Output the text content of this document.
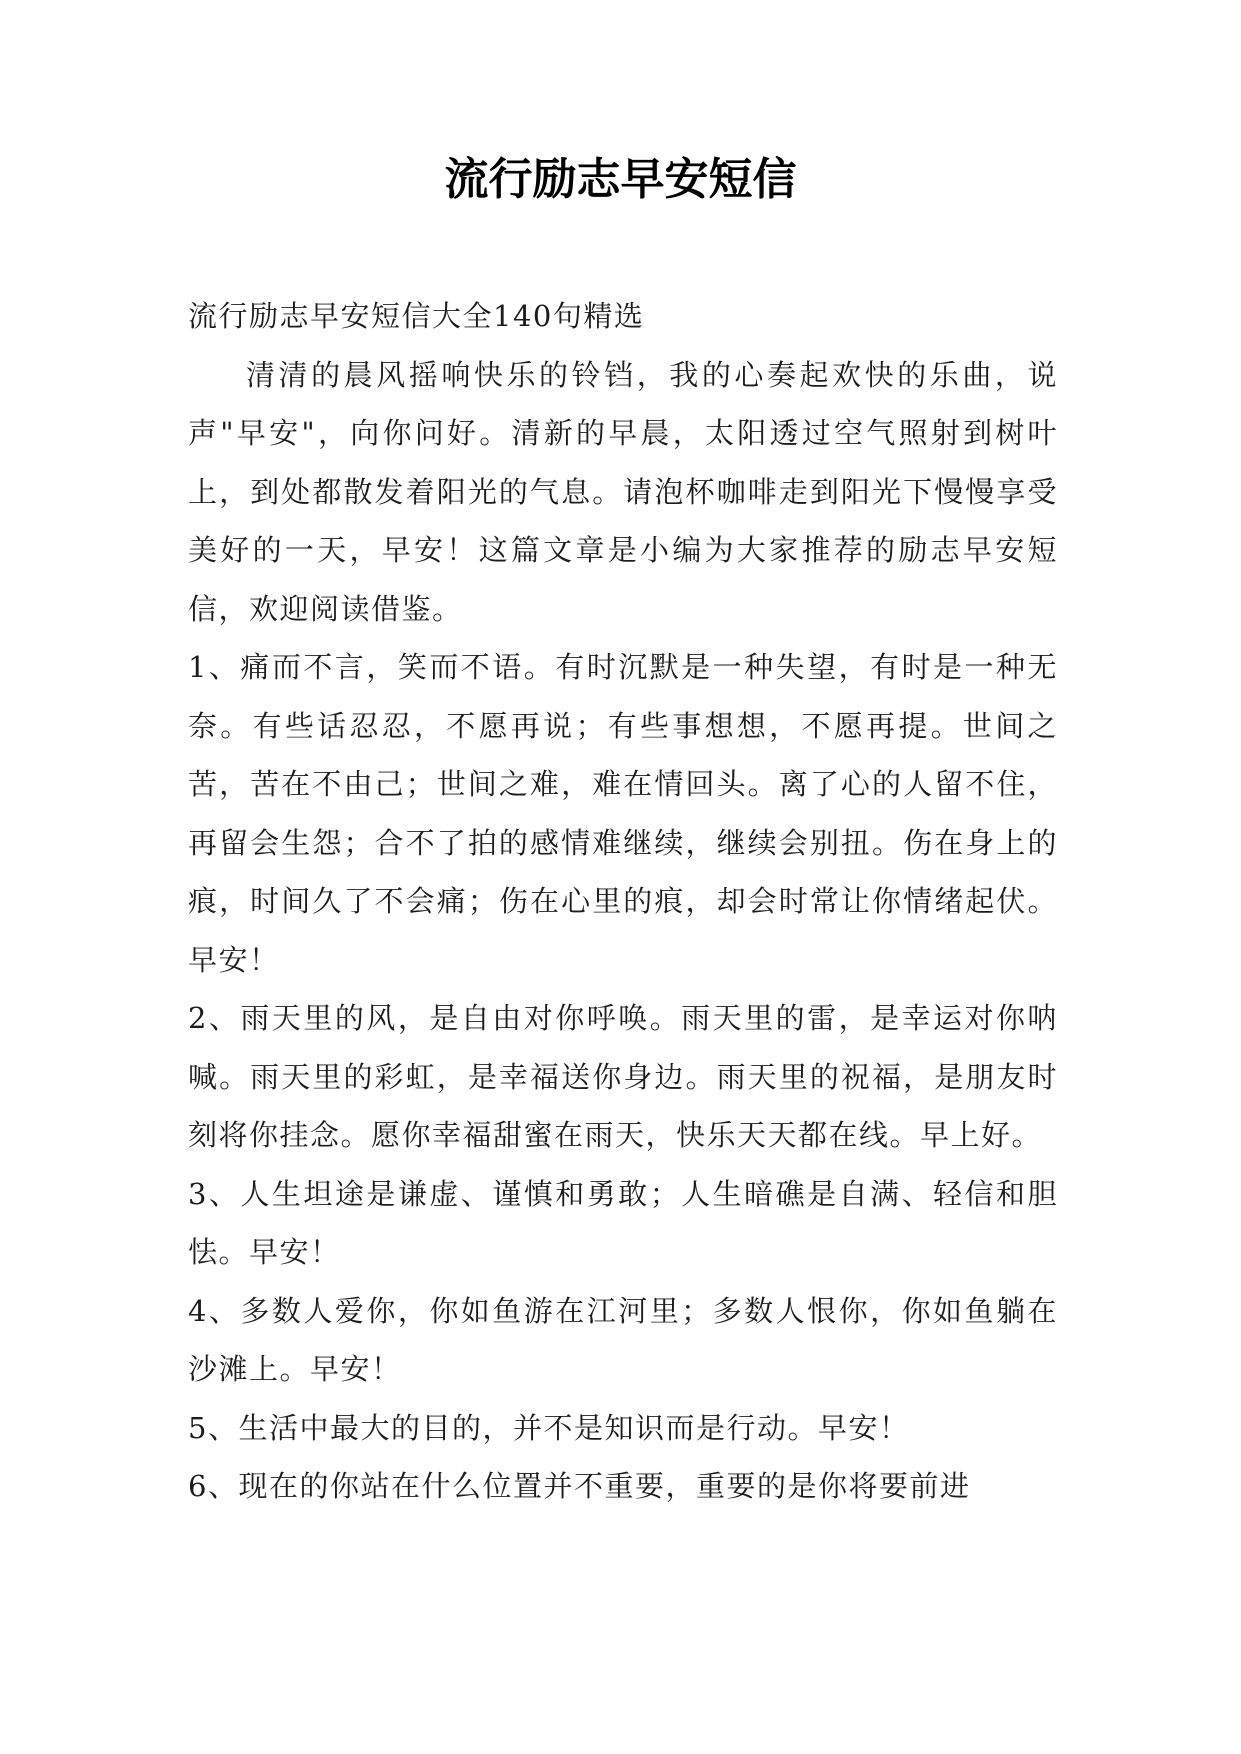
流行励志早安短信

流行励志早安短信大全140句精选

清清的晨风摇响快乐的铃铛，我的心奏起欢快的乐曲，说声"早安"，向你问好。清新的早晨，太阳透过空气照射到树叶上，到处都散发着阳光的气息。请泡杯咖啡走到阳光下慢慢享受美好的一天，早安！这篇文章是小编为大家推荐的励志早安短信，欢迎阅读借鉴。

1、痛而不言，笑而不语。有时沉默是一种失望，有时是一种无奈。有些话忍忍，不愿再说；有些事想想，不愿再提。世间之苦，苦在不由己；世间之难，难在情回头。离了心的人留不住，再留会生怨；合不了拍的感情难继续，继续会别扭。伤在身上的痕，时间久了不会痛；伤在心里的痕，却会时常让你情绪起伏。早安！

2、雨天里的风，是自由对你呼唤。雨天里的雷，是幸运对你呐喊。雨天里的彩虹，是幸福送你身边。雨天里的祝福，是朋友时刻将你挂念。愿你幸福甜蜜在雨天，快乐天天都在线。早上好。

3、人生坦途是谦虚、谨慎和勇敢；人生暗礁是自满、轻信和胆怯。早安！

4、多数人爱你，你如鱼游在江河里；多数人恨你，你如鱼躺在沙滩上。早安！

5、生活中最大的目的，并不是知识而是行动。早安！

6、现在的你站在什么位置并不重要，重要的是你将要前进
